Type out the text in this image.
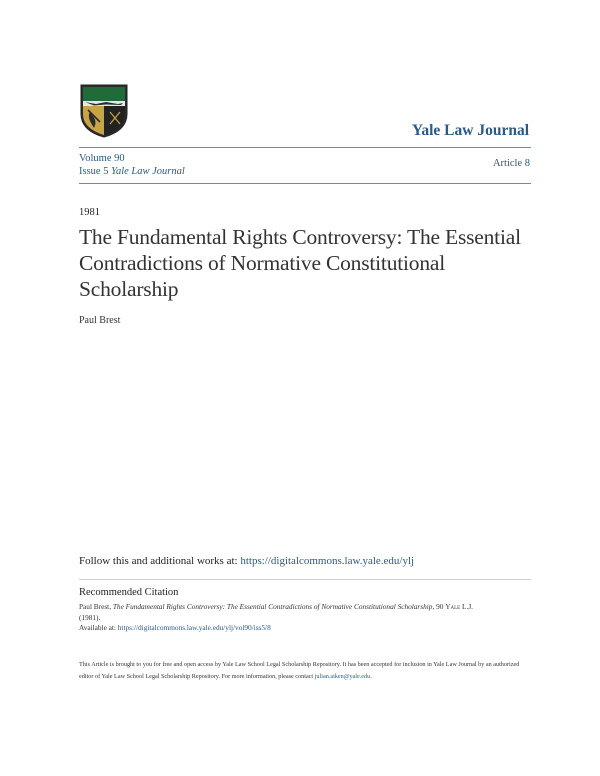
Yale Law Journal
Volume 90
Issue 5 Yale Law Journal
Article 8
1981
The Fundamental Rights Controversy: The Essential Contradictions of Normative Constitutional Scholarship
Paul Brest
Follow this and additional works at: https://digitalcommons.law.yale.edu/ylj
Recommended Citation
Paul Brest, The Fundamental Rights Controversy: The Essential Contradictions of Normative Constitutional Scholarship, 90 Yale L.J.
(1981).
Available at: https://digitalcommons.law.yale.edu/ylj/vol90/iss5/8
This Article is brought to you for free and open access by Yale Law School Legal Scholarship Repository. It has been accepted for inclusion in Yale Law Journal by an authorized editor of Yale Law School Legal Scholarship Repository. For more information, please contact julian.aiken@yale.edu.
